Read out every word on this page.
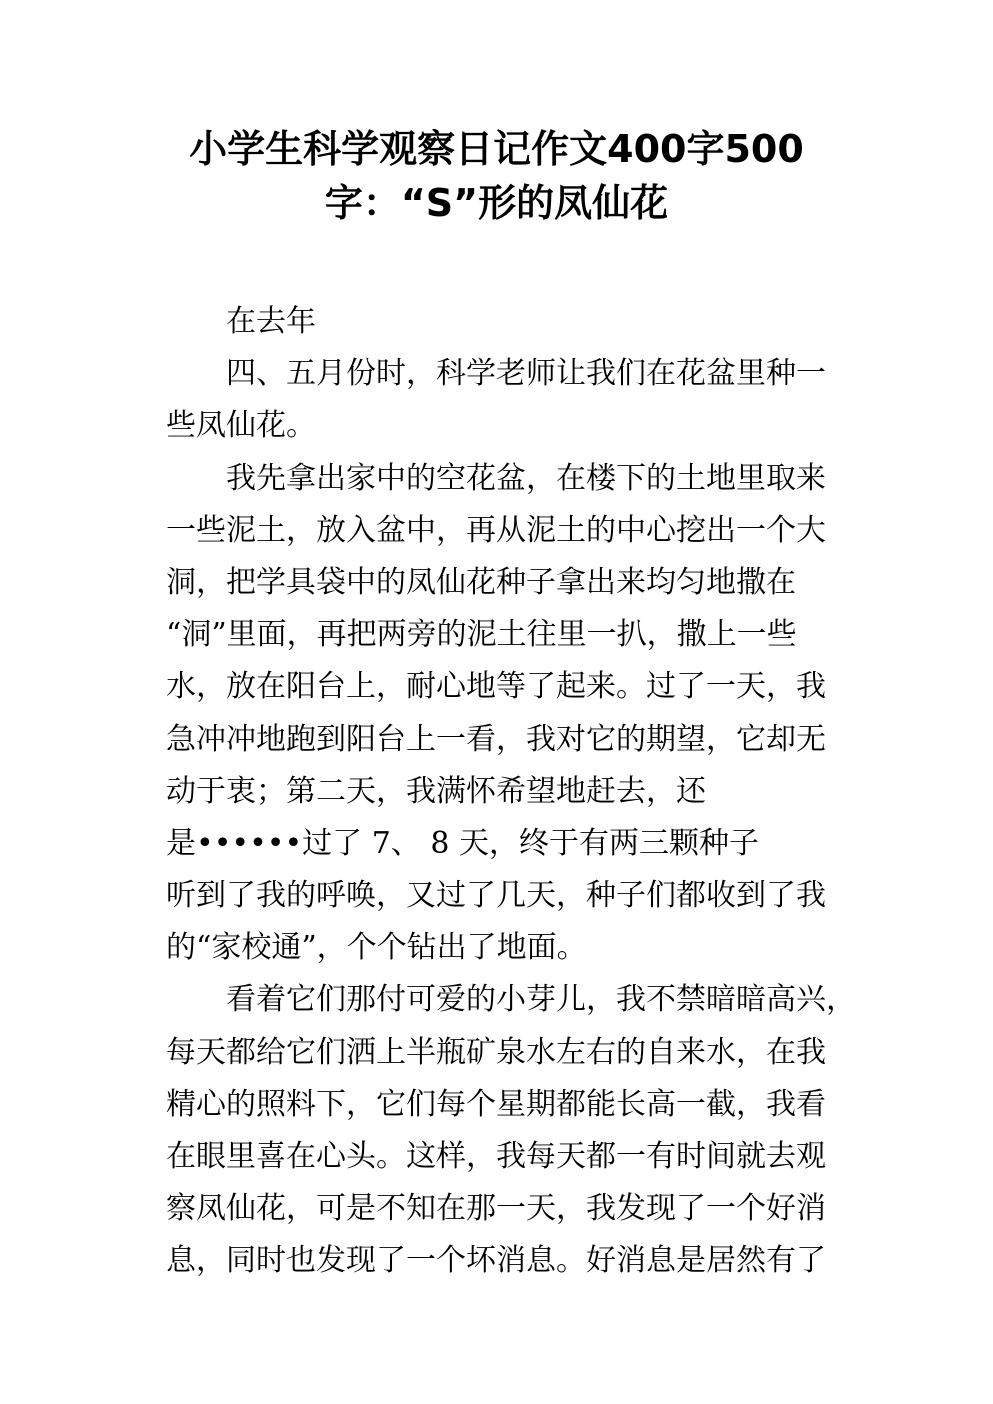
小学生科学观察日记作文400字500
字：“S”形的凤仙花
在去年
四、五月份时，科学老师让我们在花盆里种一
些凤仙花。
我先拿出家中的空花盆，在楼下的土地里取来
一些泥土，放入盆中，再从泥土的中心挖出一个大
洞，把学具袋中的凤仙花种子拿出来均匀地撒在
“洞”里面，再把两旁的泥土往里一扒，撒上一些
水，放在阳台上，耐心地等了起来。过了一天，我
急冲冲地跑到阳台上一看，我对它的期望，它却无
动于衷；第二天，我满怀希望地赶去，还
是••••••过了 7、 8 天，终于有两三颗种子
听到了我的呼唤，又过了几天，种子们都收到了我
的“家校通”，个个钻出了地面。
看着它们那付可爱的小芽儿，我不禁暗暗高兴，
每天都给它们洒上半瓶矿泉水左右的自来水，在我
精心的照料下，它们每个星期都能长高一截，我看
在眼里喜在心头。这样，我每天都一有时间就去观
察凤仙花，可是不知在那一天，我发现了一个好消
息，同时也发现了一个坏消息。好消息是居然有了
